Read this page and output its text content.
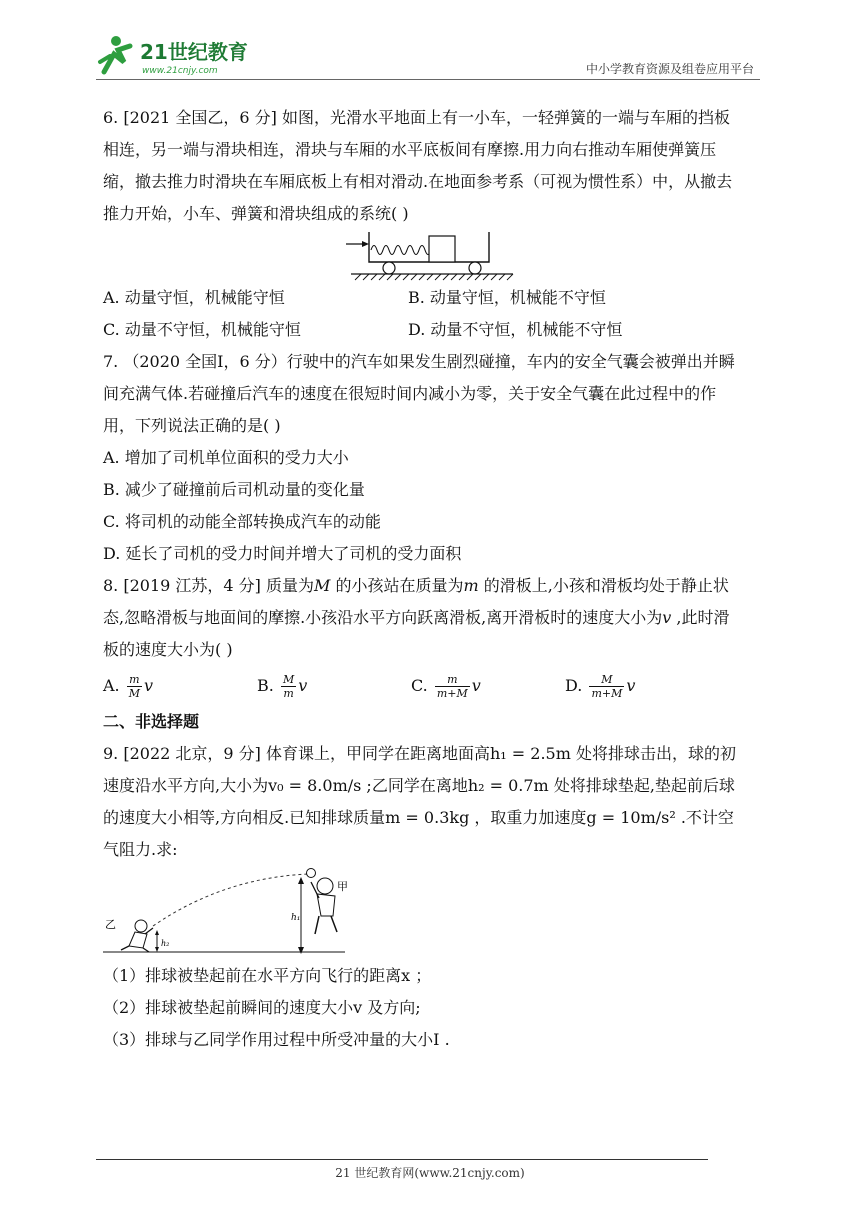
21世纪教育
www.21cnjy.com	中小学教育资源及组卷应用平台

6. [2021 全国乙，6 分] 如图，光滑水平地面上有一小车，一轻弹簧的一端与车厢的挡板相连，另一端与滑块相连，滑块与车厢的水平底板间有摩擦.用力向右推动车厢使弹簧压缩，撤去推力时滑块在车厢底板上有相对滑动.在地面参考系（可视为惯性系）中，从撤去推力开始，小车、弹簧和滑块组成的系统( )

A. 动量守恒，机械能守恒	B. 动量守恒，机械能不守恒
C. 动量不守恒，机械能守恒	D. 动量不守恒，机械能不守恒

7. （2020 全国Ⅰ，6 分）行驶中的汽车如果发生剧烈碰撞，车内的安全气囊会被弹出并瞬间充满气体.若碰撞后汽车的速度在很短时间内减小为零，关于安全气囊在此过程中的作用，下列说法正确的是( )

A. 增加了司机单位面积的受力大小
B. 减少了碰撞前后司机动量的变化量
C. 将司机的动能全部转换成汽车的动能
D. 延长了司机的受力时间并增大了司机的受力面积

8. [2019 江苏，4 分] 质量为M 的小孩站在质量为m 的滑板上,小孩和滑板均处于静止状态,忽略滑板与地面间的摩擦.小孩沿水平方向跃离滑板,离开滑板时的速度大小为v ,此时滑板的速度大小为( )

A. $\frac{m}{M}$ v	B. $\frac{M}{m}$ v	C. $\frac{m}{m+M}$ v	D. $\frac{M}{m+M}$ v
二、非选择题

9. [2022 北京，9 分] 体育课上，甲同学在距离地面高h₁ = 2.5m 处将排球击出，球的初速度沿水平方向,大小为v₀ = 8.0m/s ;乙同学在离地h₂ = 0.7m 处将排球垫起,垫起前后球的速度大小相等,方向相反.已知排球质量m = 0.3kg ，取重力加速度g = 10m/s² .不计空气阻力.求:

h₁
甲
乙
h₂
（1）排球被垫起前在水平方向飞行的距离x ；
（2）排球被垫起前瞬间的速度大小v 及方向;
（3）排球与乙同学作用过程中所受冲量的大小I .
21 世纪教育网(www.21cnjy.com)
